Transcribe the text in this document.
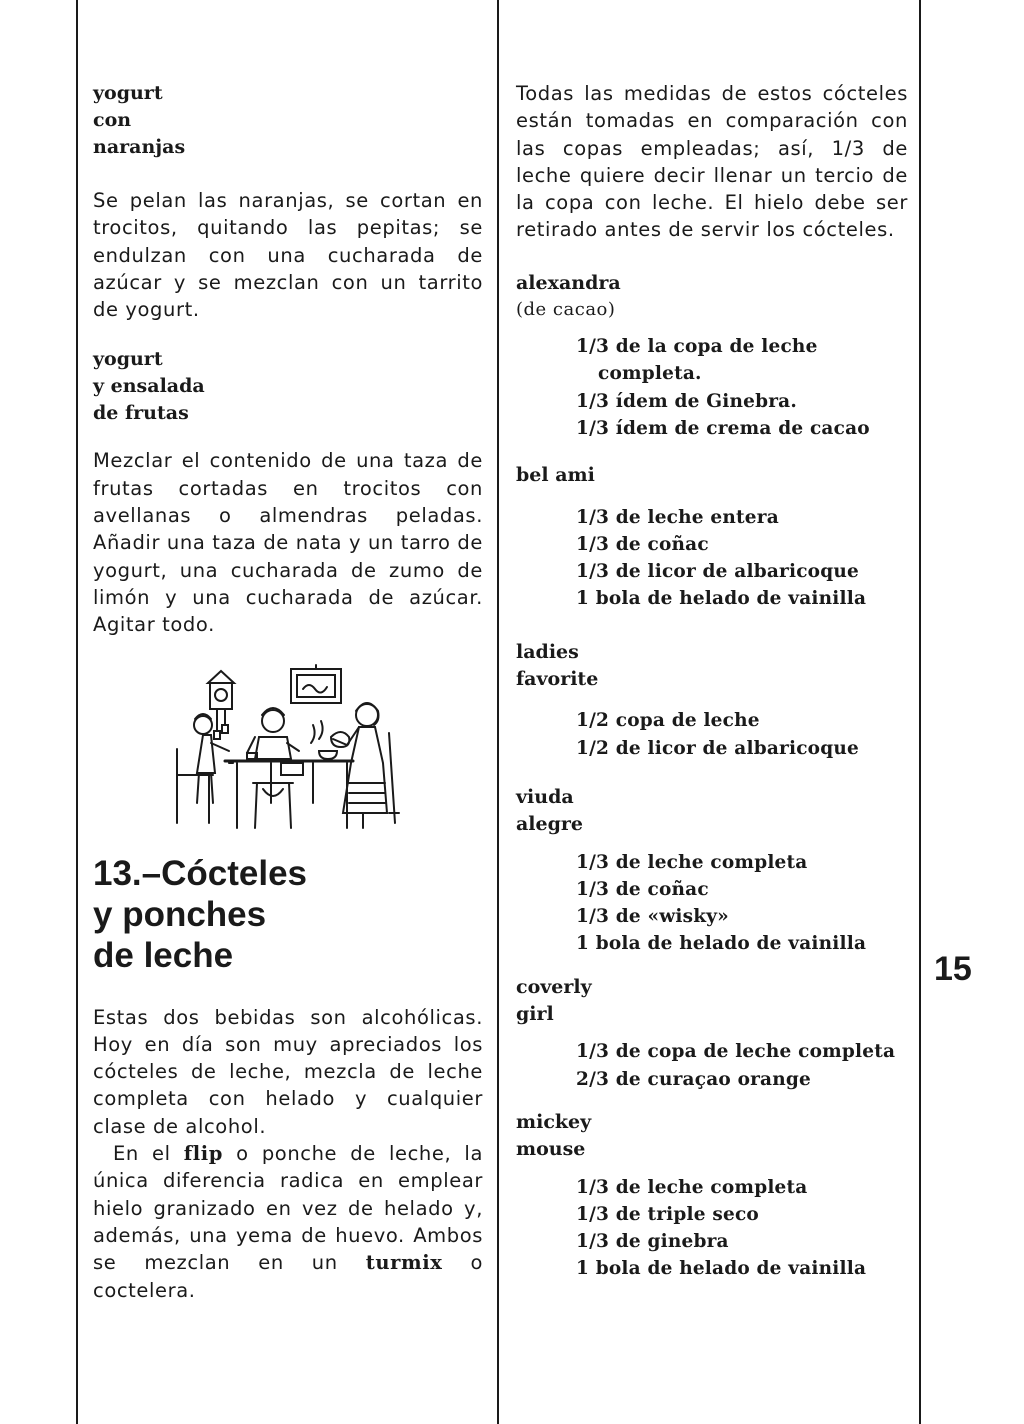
yogurt
con
naranjas

Se pelan las naranjas, se cortan en trocitos, quitando las pepitas; se endulzan con una cucharada de azúcar y se mezclan con un tarrito de yogurt.

yogurt
y ensalada
de frutas

Mezclar el contenido de una taza de frutas cortadas en trocitos con avellanas o almendras peladas. Añadir una taza de nata y un tarro de yogurt, una cucharada de zumo de limón y una cucharada de azúcar. Agitar todo.

13.–Cócteles
y ponches
de leche

Estas dos bebidas son alcohólicas. Hoy en día son muy apreciados los cócteles de leche, mezcla de leche completa con helado y cualquier clase de alcohol.

En el flip o ponche de leche, la única diferencia radica en emplear hielo granizado en vez de helado y, además, una yema de huevo. Ambos se mezclan en un turmix o coctelera.

Todas las medidas de estos cócteles están tomadas en comparación con las copas empleadas; así, 1/3 de leche quiere decir llenar un tercio de la copa con leche. El hielo debe ser retirado antes de servir los cócteles.

alexandra

(de cacao)

1/3 de la copa de leche completa.
1/3 ídem de Ginebra.
1/3 ídem de crema de cacao
bel ami
1/3 de leche entera
1/3 de coñac
1/3 de licor de albaricoque
1 bola de helado de vainilla
ladies
favorite
1/2 copa de leche
1/2 de licor de albaricoque
viuda
alegre
1/3 de leche completa
1/3 de coñac
1/3 de «wisky»
1 bola de helado de vainilla
coverly
girl
1/3 de copa de leche completa
2/3 de curaçao orange
mickey
mouse
1/3 de leche completa
1/3 de triple seco
1/3 de ginebra
1 bola de helado de vainilla
15
